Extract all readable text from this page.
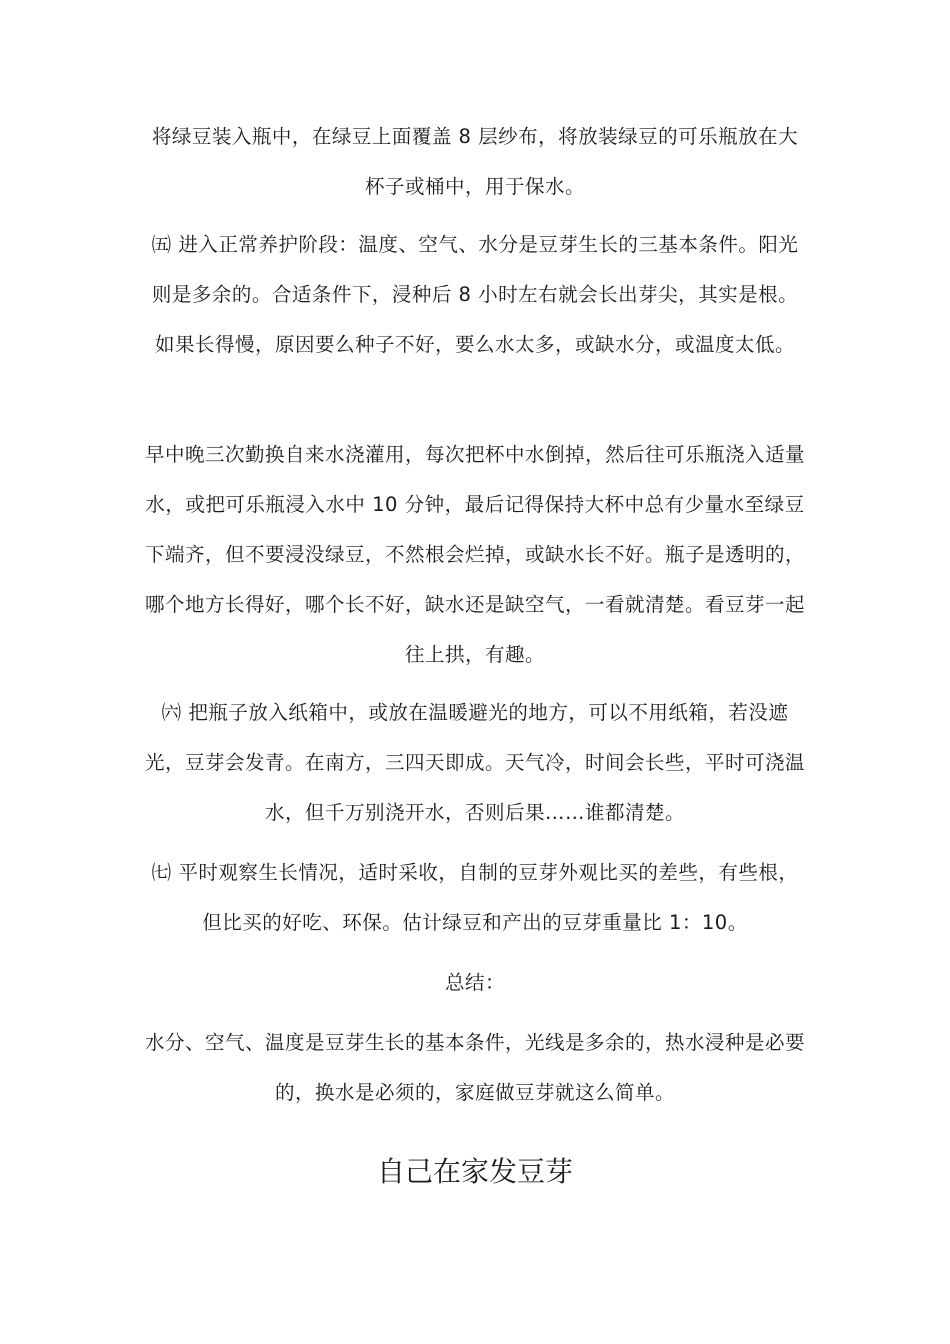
将绿豆装入瓶中，在绿豆上面覆盖 8 层纱布，将放装绿豆的可乐瓶放在大杯子或桶中，用于保水。
㈤ 进入正常养护阶段：温度、空气、水分是豆芽生长的三基本条件。阳光则是多余的。合适条件下，浸种后 8 小时左右就会长出芽尖，其实是根。如果长得慢，原因要么种子不好，要么水太多，或缺水分，或温度太低。
早中晚三次勤换自来水浇灌用，每次把杯中水倒掉，然后往可乐瓶浇入适量水，或把可乐瓶浸入水中 10 分钟，最后记得保持大杯中总有少量水至绿豆下端齐，但不要浸没绿豆，不然根会烂掉，或缺水长不好。瓶子是透明的，哪个地方长得好，哪个长不好，缺水还是缺空气，一看就清楚。看豆芽一起往上拱，有趣。
㈥ 把瓶子放入纸箱中，或放在温暖避光的地方，可以不用纸箱，若没遮光，豆芽会发青。在南方，三四天即成。天气冷，时间会长些，平时可浇温水，但千万别浇开水，否则后果……谁都清楚。
㈦ 平时观察生长情况，适时采收，自制的豆芽外观比买的差些，有些根，但比买的好吃、环保。估计绿豆和产出的豆芽重量比 1：10。
总结：
水分、空气、温度是豆芽生长的基本条件，光线是多余的，热水浸种是必要的，换水是必须的，家庭做豆芽就这么简单。
自己在家发豆芽
